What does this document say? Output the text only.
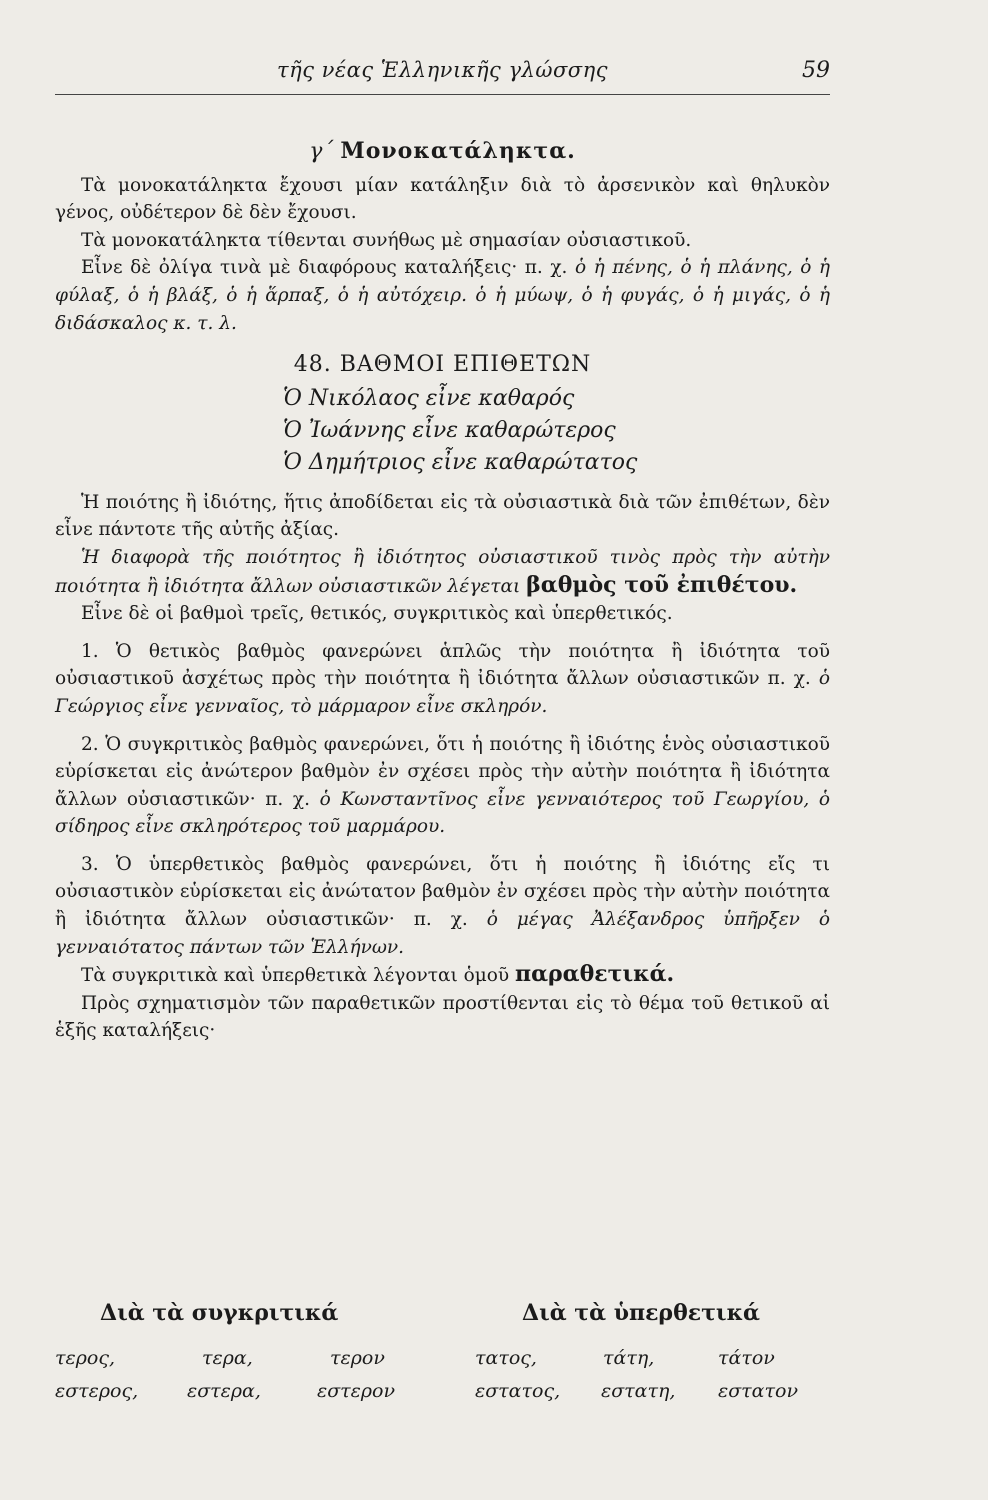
τῆς νέας Ἑλληνικῆς γλώσσης	59
γ΄ Μονοκατάληκτα.

Τὰ μονοκατάληκτα ἔχουσι μίαν κατάληξιν διὰ τὸ ἀρσενικὸν καὶ θηλυκὸν γένος, οὐδέτερον δὲ δὲν ἔχουσι.

Τὰ μονοκατάληκτα τίθενται συνήθως μὲ σημασίαν οὐσιαστικοῦ.

Εἶνε δὲ ὀλίγα τινὰ μὲ διαφόρους καταλήξεις· π. χ. ὁ ἡ πένης, ὁ ἡ πλάνης, ὁ ἡ φύλαξ, ὁ ἡ βλάξ, ὁ ἡ ἅρπαξ, ὁ ἡ αὐτόχειρ. ὁ ἡ μύωψ, ὁ ἡ φυγάς, ὁ ἡ μιγάς, ὁ ἡ διδάσκαλος κ. τ. λ.

48. ΒΑΘΜΟΙ ΕΠΙΘΕΤΩΝ
Ὁ Νικόλαος εἶνε καθαρός
Ὁ Ἰωάννης εἶνε καθαρώτερος
Ὁ Δημήτριος εἶνε καθαρώτατος

Ἡ ποιότης ἢ ἰδιότης, ἥτις ἀποδίδεται εἰς τὰ οὐσιαστικὰ διὰ τῶν ἐπιθέτων, δὲν εἶνε πάντοτε τῆς αὐτῆς ἀξίας.

Ἡ διαφορὰ τῆς ποιότητος ἢ ἰδιότητος οὐσιαστικοῦ τινὸς πρὸς τὴν αὐτὴν ποιότητα ἢ ἰδιότητα ἄλλων οὐσιαστικῶν λέγεται βαθμὸς τοῦ ἐπιθέτου.

Εἶνε δὲ οἱ βαθμοὶ τρεῖς, θετικός, συγκριτικὸς καὶ ὑπερθετικός.

1. Ὁ θετικὸς βαθμὸς φανερώνει ἁπλῶς τὴν ποιότητα ἢ ἰδιότητα τοῦ οὐσιαστικοῦ ἀσχέτως πρὸς τὴν ποιότητα ἢ ἰδιότητα ἄλλων οὐσιαστικῶν π. χ. ὁ Γεώργιος εἶνε γενναῖος, τὸ μάρμαρον εἶνε σκληρόν.

2. Ὁ συγκριτικὸς βαθμὸς φανερώνει, ὅτι ἡ ποιότης ἢ ἰδιότης ἑνὸς οὐσιαστικοῦ εὑρίσκεται εἰς ἀνώτερον βαθμὸν ἐν σχέσει πρὸς τὴν αὐτὴν ποιότητα ἢ ἰδιότητα ἄλλων οὐσιαστικῶν· π. χ. ὁ Κωνσταντῖνος εἶνε γενναιότερος τοῦ Γεωργίου, ὁ σίδηρος εἶνε σκληρότερος τοῦ μαρμάρου.

3. Ὁ ὑπερθετικὸς βαθμὸς φανερώνει, ὅτι ἡ ποιότης ἢ ἰδιότης εἴς τι οὐσιαστικὸν εὑρίσκεται εἰς ἀνώτατον βαθμὸν ἐν σχέσει πρὸς τὴν αὐτὴν ποιότητα ἢ ἰδιότητα ἄλλων οὐσιαστικῶν· π. χ. ὁ μέγας Ἀλέξανδρος ὑπῆρξεν ὁ γενναιότατος πάντων τῶν Ἑλλήνων.

Τὰ συγκριτικὰ καὶ ὑπερθετικὰ λέγονται ὁμοῦ παραθετικά.

Πρὸς σχηματισμὸν τῶν παραθετικῶν προστίθενται εἰς τὸ θέμα τοῦ θετικοῦ αἱ ἑξῆς καταλήξεις·

Διὰ τὰ συγκριτικά	Διὰ τὰ ὑπερθετικά
τερος,	τερα,	τερον	τατος,	τάτη,	τάτον
εστερος,	εστερα,	εστερον	εστατος, εστατη, εστατον
